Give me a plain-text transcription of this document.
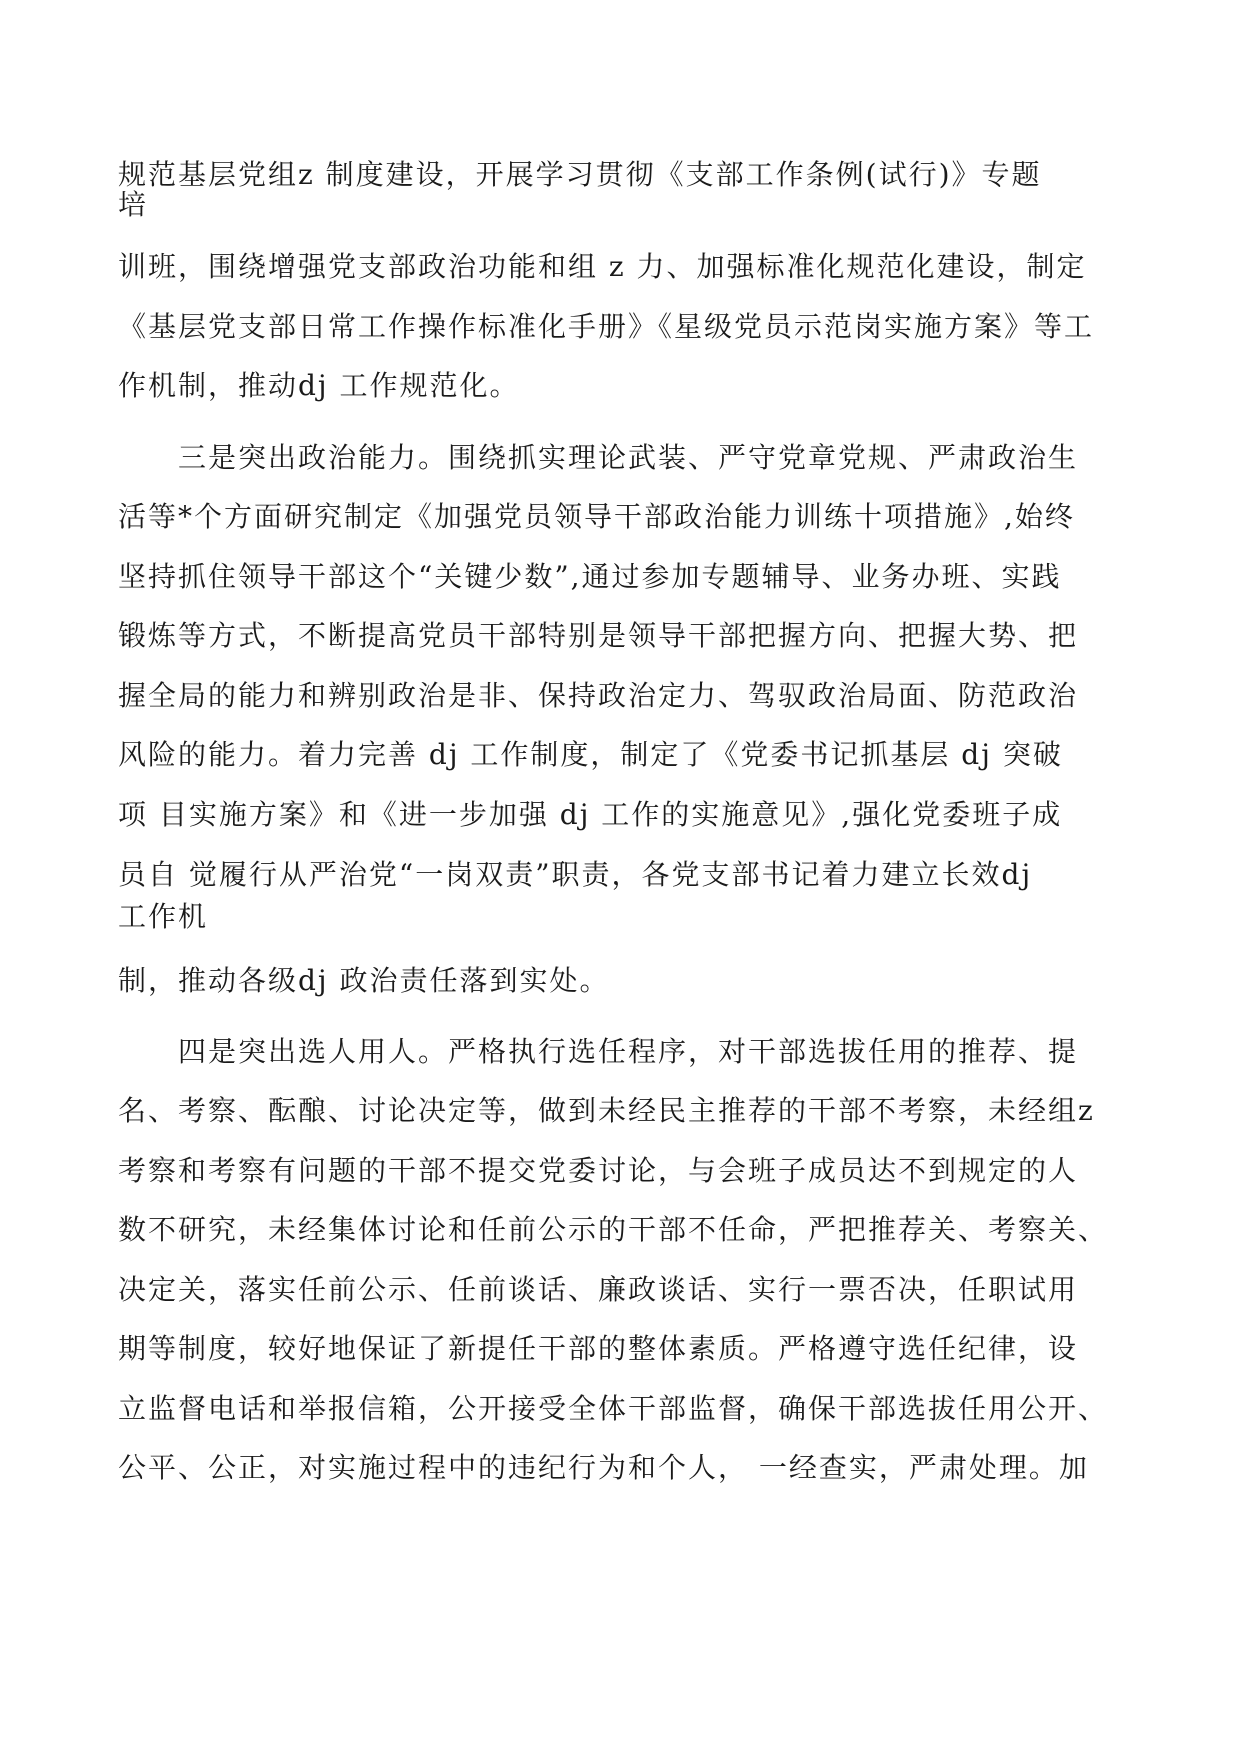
规范基层党组z 制度建设，开展学习贯彻《支部工作条例(试行)》专题
培
训班，围绕增强党支部政治功能和组 z 力、加强标准化规范化建设，制定
《基层党支部日常工作操作标准化手册》《星级党员示范岗实施方案》等工
作机制，推动dj 工作规范化。
三是突出政治能力。围绕抓实理论武装、严守党章党规、严肃政治生
活等*个方面研究制定《加强党员领导干部政治能力训练十项措施》,始终
坚持抓住领导干部这个“关键少数”,通过参加专题辅导、业务办班、实践
锻炼等方式，不断提高党员干部特别是领导干部把握方向、把握大势、把
握全局的能力和辨别政治是非、保持政治定力、驾驭政治局面、防范政治
风险的能力。着力完善 dj 工作制度，制定了《党委书记抓基层 dj 突破
项 目实施方案》和《进一步加强 dj 工作的实施意见》,强化党委班子成
员自 觉履行从严治党“一岗双责”职责，各党支部书记着力建立长效dj
工作机
制，推动各级dj 政治责任落到实处。
四是突出选人用人。严格执行选任程序，对干部选拔任用的推荐、提
名、考察、酝酿、讨论决定等，做到未经民主推荐的干部不考察，未经组z
考察和考察有问题的干部不提交党委讨论，与会班子成员达不到规定的人
数不研究，未经集体讨论和任前公示的干部不任命，严把推荐关、考察关、
决定关，落实任前公示、任前谈话、廉政谈话、实行一票否决，任职试用
期等制度，较好地保证了新提任干部的整体素质。严格遵守选任纪律，设
立监督电话和举报信箱，公开接受全体干部监督，确保干部选拔任用公开、
公平、公正，对实施过程中的违纪行为和个人， 一经查实，严肃处理。加
